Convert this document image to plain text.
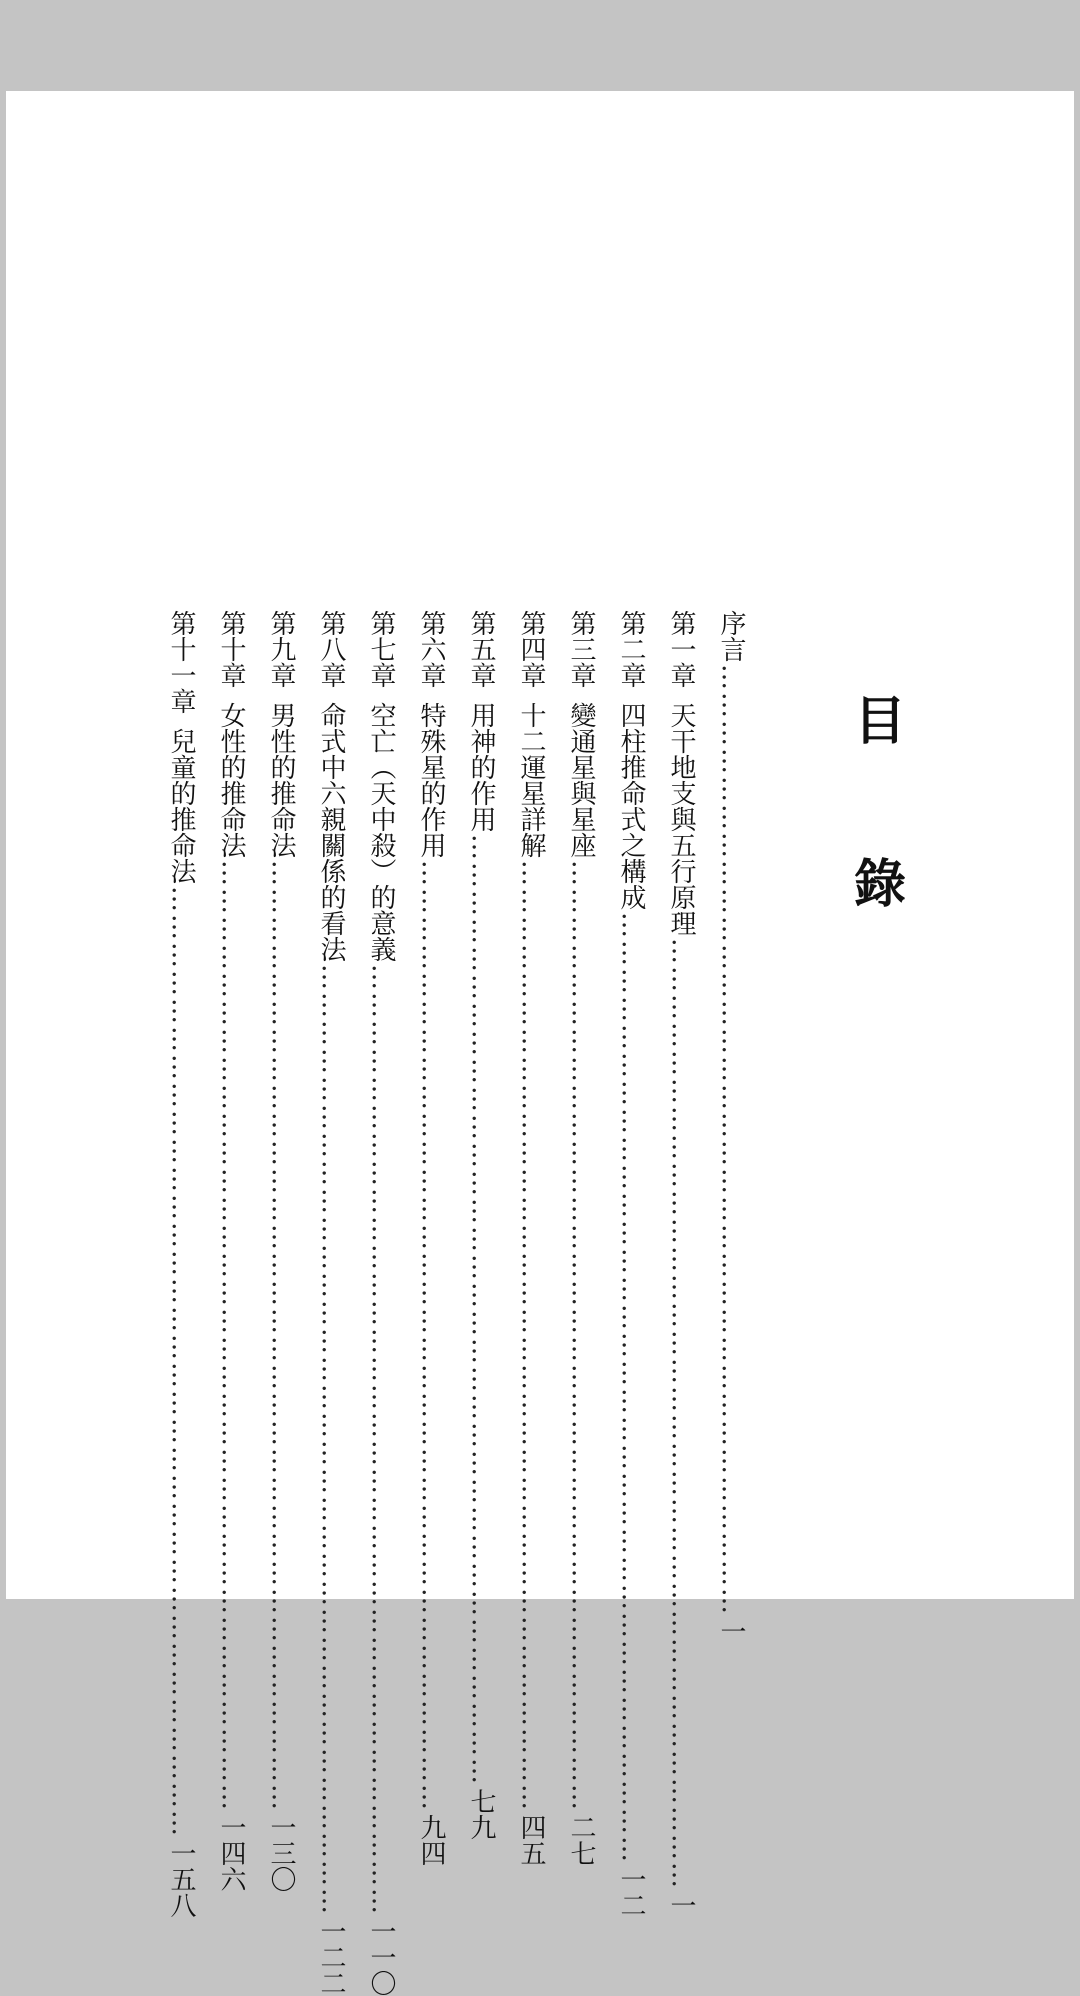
目
錄
序言
…………………………………………………………………………………………
一
第一章
天干地支與五行原理
…………………………………………………………………………………………
一
第二章
四柱推命式之構成
…………………………………………………………………………………………
一二
第三章
變通星與星座
…………………………………………………………………………………………
二七
第四章
十二運星詳解
…………………………………………………………………………………………
四五
第五章
用神的作用
…………………………………………………………………………………………
七九
第六章
特殊星的作用
…………………………………………………………………………………………
九四
第七章
空亡（天中殺）的意義
…………………………………………………………………………………………
一一〇
第八章
命式中六親關係的看法
…………………………………………………………………………………………
一二二
第九章
男性的推命法
…………………………………………………………………………………………
一三〇
第十章
女性的推命法
…………………………………………………………………………………………
一四六
第十一章
兒童的推命法
…………………………………………………………………………………………
一五八
